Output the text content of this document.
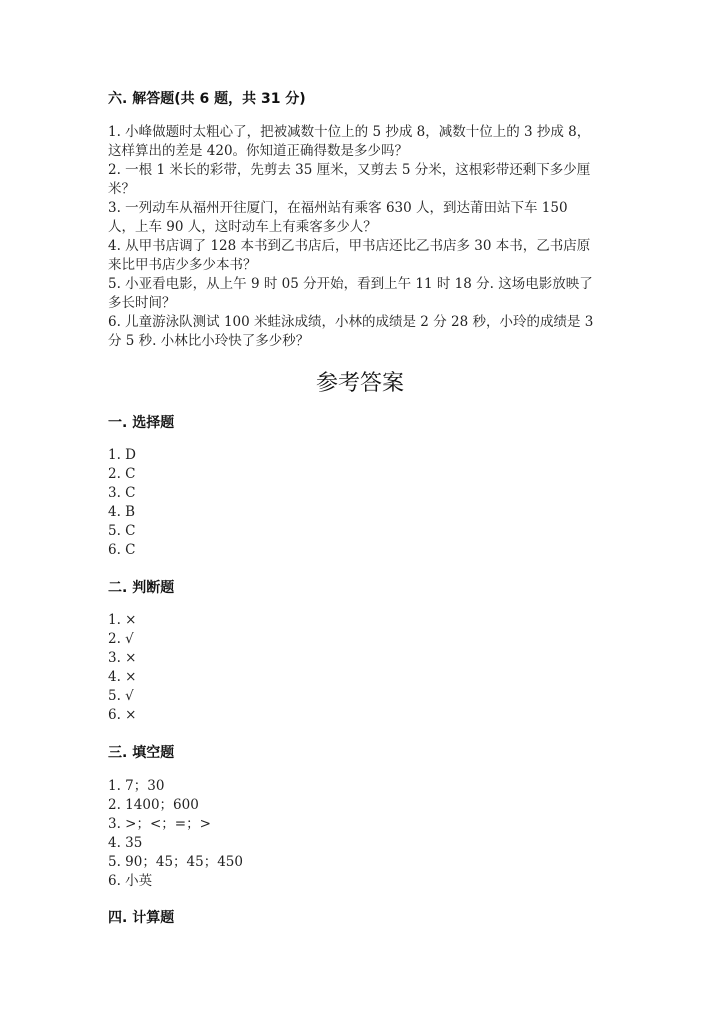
六. 解答题(共 6 题，共 31 分)
1. 小峰做题时太粗心了，把被减数十位上的 5 抄成 8，减数十位上的 3 抄成 8，
这样算出的差是 420。你知道正确得数是多少吗？
2. 一根 1 米长的彩带，先剪去 35 厘米，又剪去 5 分米，这根彩带还剩下多少厘
米？
3. 一列动车从福州开往厦门，在福州站有乘客 630 人，到达莆田站下车 150
人，上车 90 人，这时动车上有乘客多少人？
4. 从甲书店调了 128 本书到乙书店后，甲书店还比乙书店多 30 本书，乙书店原
来比甲书店少多少本书？
5. 小亚看电影，从上午 9 时 05 分开始，看到上午 11 时 18 分. 这场电影放映了
多长时间？
6. 儿童游泳队测试 100 米蛙泳成绩，小林的成绩是 2 分 28 秒，小玲的成绩是 3
分 5 秒. 小林比小玲快了多少秒？
参考答案
一. 选择题
1. D
2. C
3. C
4. B
5. C
6. C
二. 判断题
1. ×
2. √
3. ×
4. ×
5. √
6. ×
三. 填空题
1. 7；30
2. 1400；600
3. >；<；=；>
4. 35
5. 90；45；45；450
6. 小英
四. 计算题
